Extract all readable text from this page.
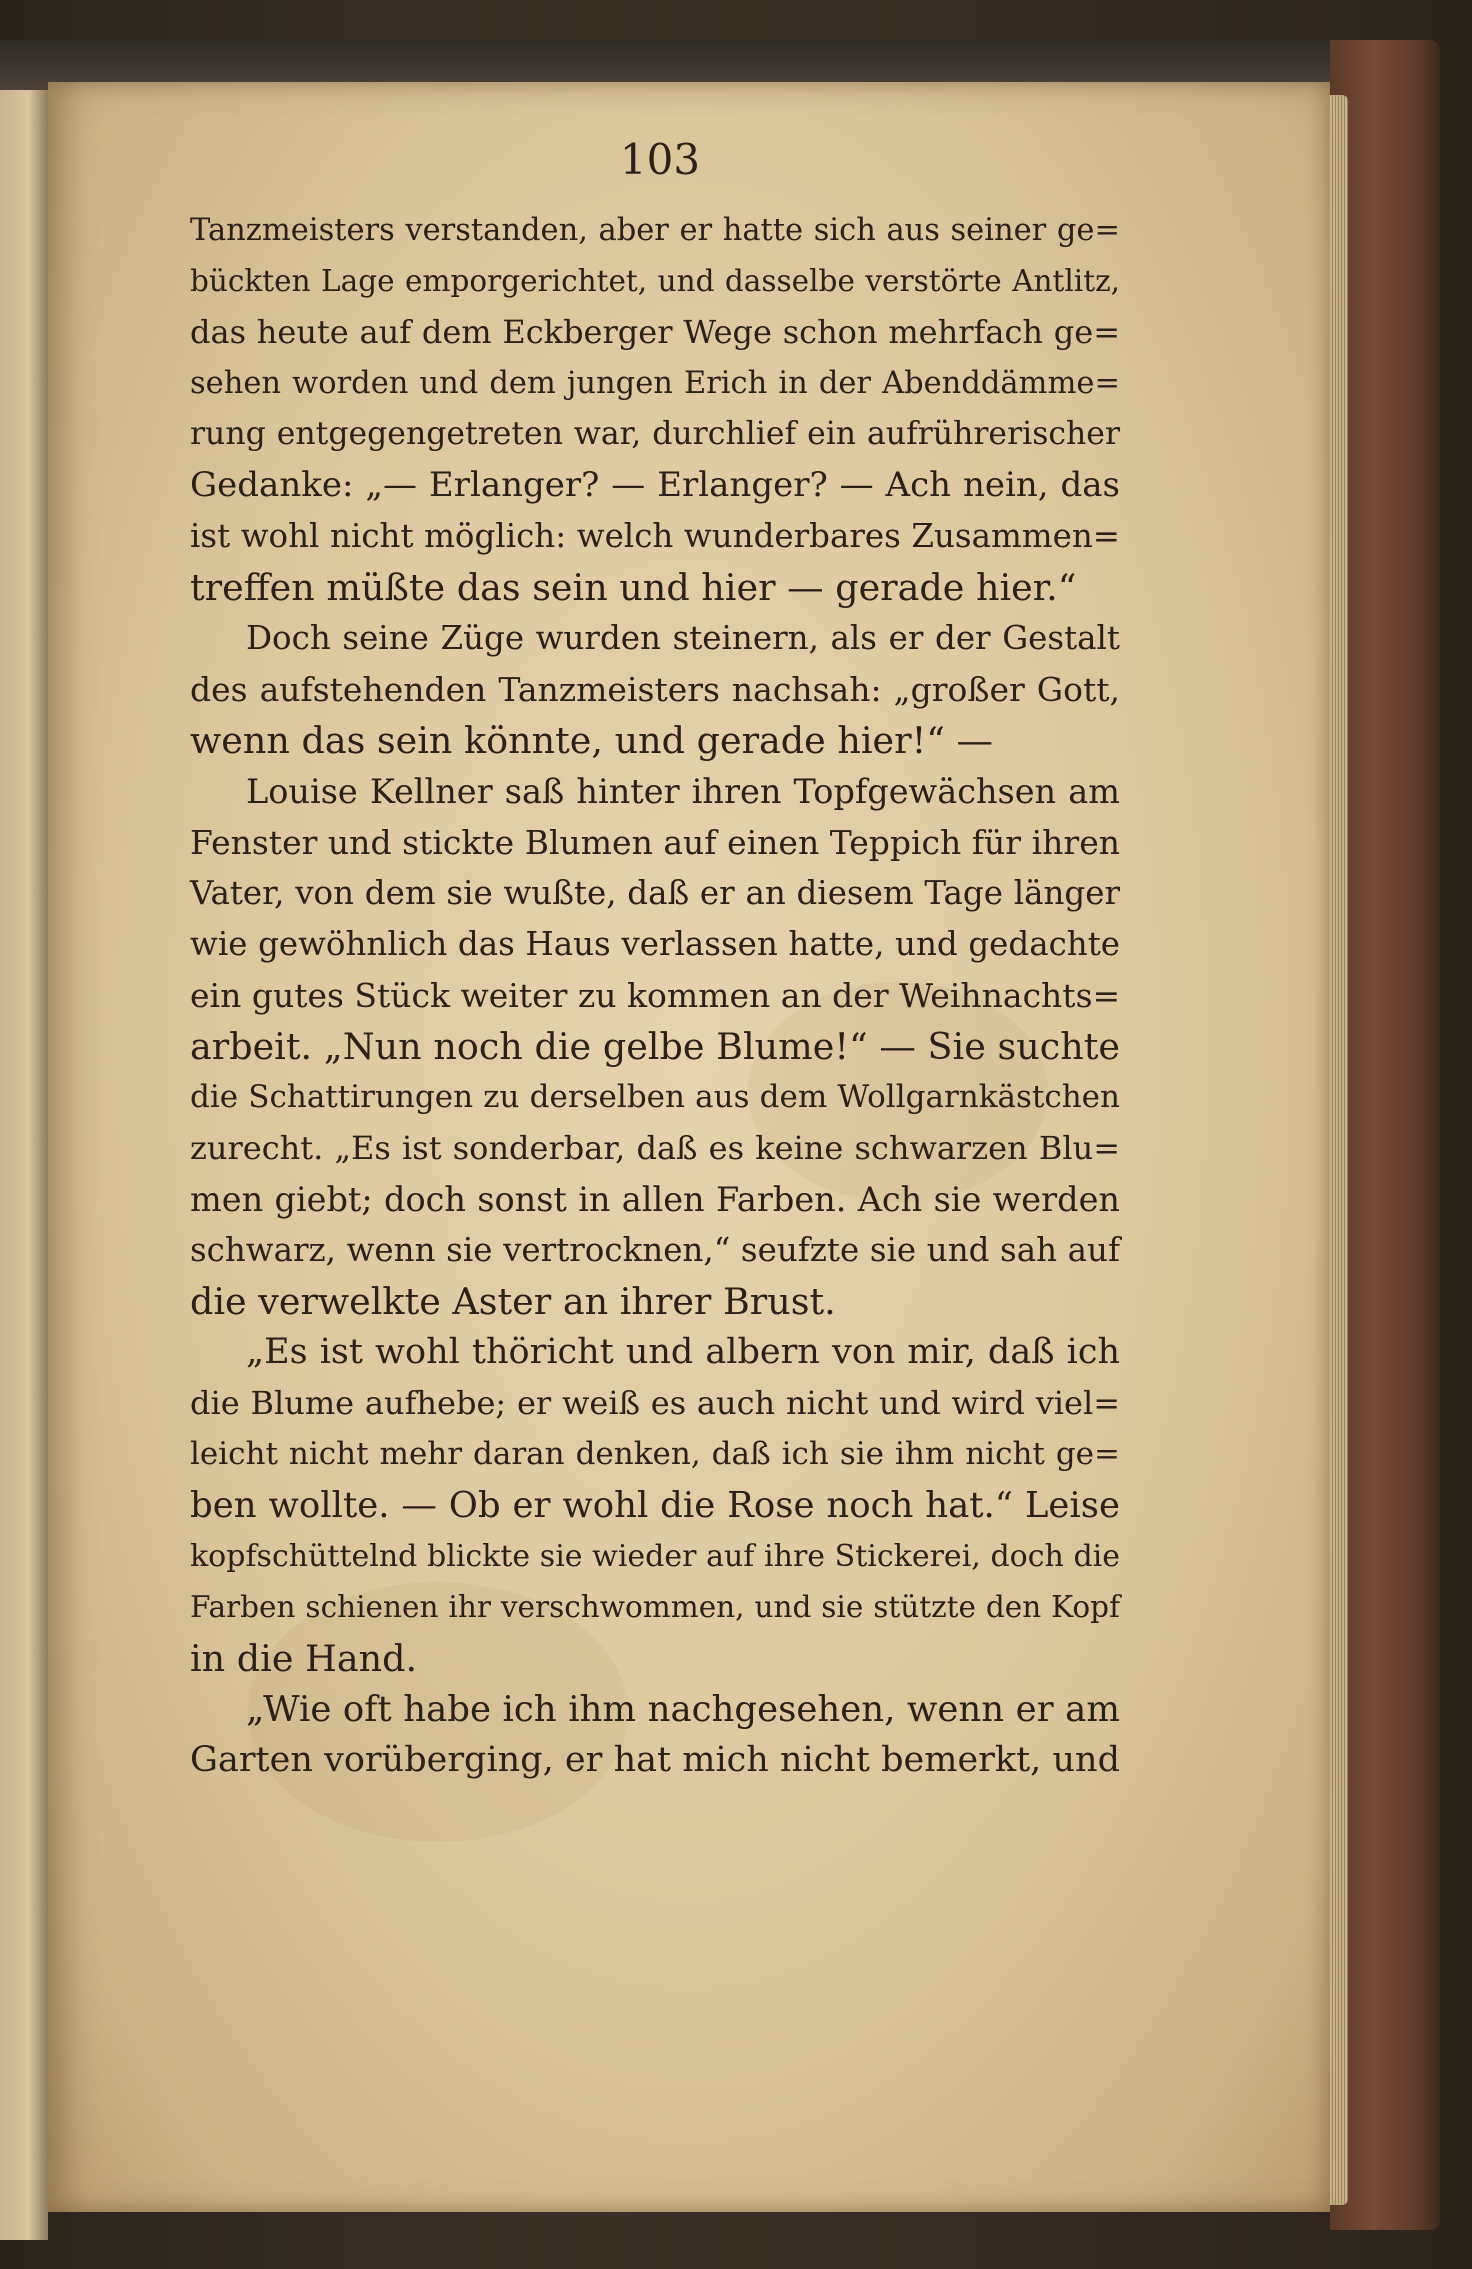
103
Tanzmeisters verstanden, aber er hatte sich aus seiner ge=
bückten Lage emporgerichtet, und dasselbe verstörte Antlitz,
das heute auf dem Eckberger Wege schon mehrfach ge=
sehen worden und dem jungen Erich in der Abenddämme=
rung entgegengetreten war, durchlief ein aufrührerischer
Gedanke: „— Erlanger? — Erlanger? — Ach nein, das
ist wohl nicht möglich: welch wunderbares Zusammen=
treffen müßte das sein und hier — gerade hier.“
Doch seine Züge wurden steinern, als er der Gestalt
des aufstehenden Tanzmeisters nachsah: „großer Gott,
wenn das sein könnte, und gerade hier!“ —
Louise Kellner saß hinter ihren Topfgewächsen am
Fenster und stickte Blumen auf einen Teppich für ihren
Vater, von dem sie wußte, daß er an diesem Tage länger
wie gewöhnlich das Haus verlassen hatte, und gedachte
ein gutes Stück weiter zu kommen an der Weihnachts=
arbeit. „Nun noch die gelbe Blume!“ — Sie suchte
die Schattirungen zu derselben aus dem Wollgarnkästchen
zurecht. „Es ist sonderbar, daß es keine schwarzen Blu=
men giebt; doch sonst in allen Farben. Ach sie werden
schwarz, wenn sie vertrocknen,“ seufzte sie und sah auf
die verwelkte Aster an ihrer Brust.
„Es ist wohl thöricht und albern von mir, daß ich
die Blume aufhebe; er weiß es auch nicht und wird viel=
leicht nicht mehr daran denken, daß ich sie ihm nicht ge=
ben wollte. — Ob er wohl die Rose noch hat.“ Leise
kopfschüttelnd blickte sie wieder auf ihre Stickerei, doch die
Farben schienen ihr verschwommen, und sie stützte den Kopf
in die Hand.
„Wie oft habe ich ihm nachgesehen, wenn er am
Garten vorüberging, er hat mich nicht bemerkt, und
